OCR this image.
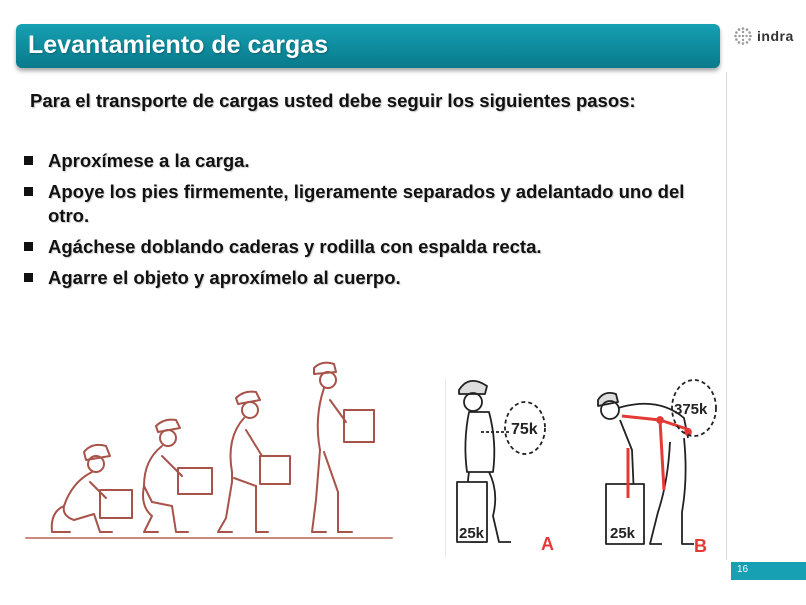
Levantamiento de cargas	indra
Para el transporte de cargas usted debe seguir los siguientes pasos:
Aproxímese a la carga.
Apoye los pies firmemente, ligeramente separados y adelantado uno del otro.
Agáchese doblando caderas y rodilla con espalda recta.
Agarre el objeto y aproxímelo al cuerpo.
75k
25k
A
375k
25k
B
16
